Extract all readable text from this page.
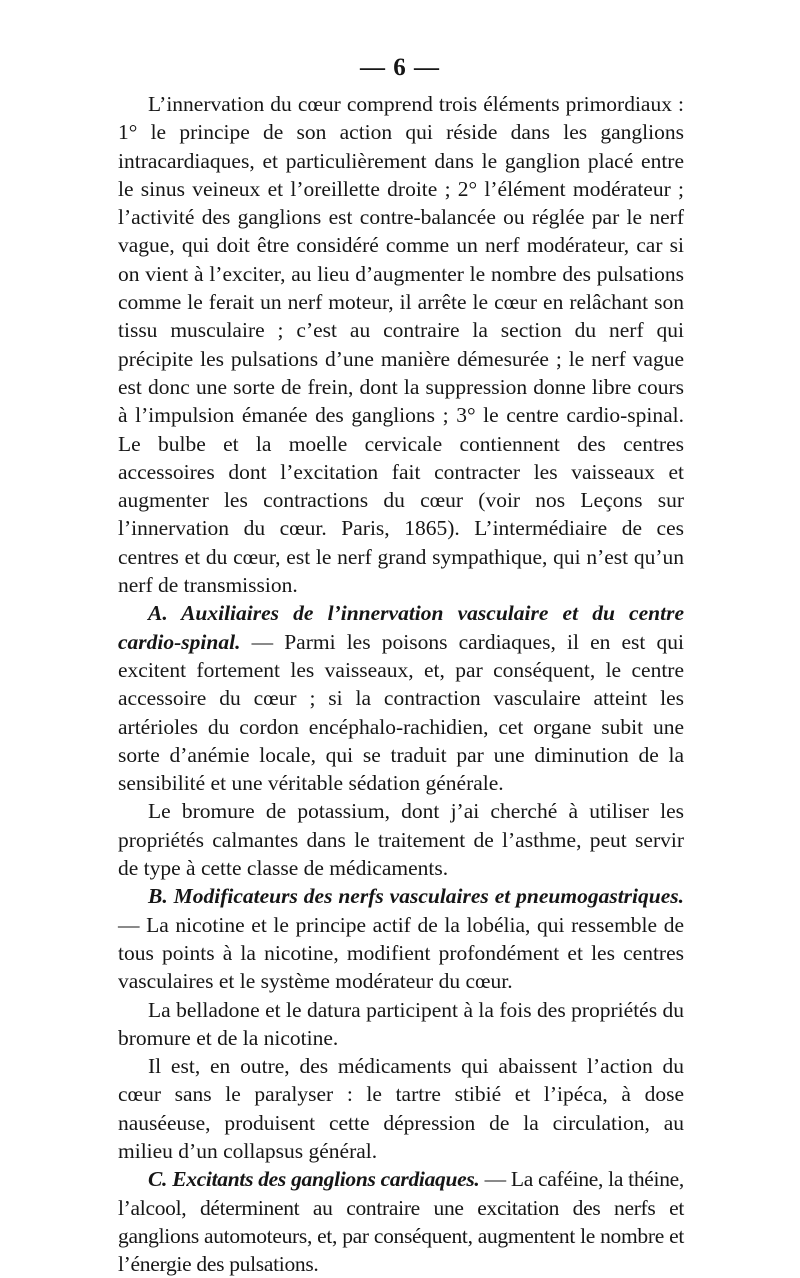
— 6 —

L’innervation du cœur comprend trois éléments primordiaux : 1° le principe de son action qui réside dans les ganglions intracardiaques, et particulièrement dans le ganglion placé entre le sinus veineux et l’oreillette droite ; 2° l’élément modérateur ; l’activité des ganglions est contre-balancée ou réglée par le nerf vague, qui doit être considéré comme un nerf modérateur, car si on vient à l’exciter, au lieu d’augmenter le nombre des pulsations comme le ferait un nerf moteur, il arrête le cœur en relâchant son tissu musculaire ; c’est au contraire la section du nerf qui précipite les pulsations d’une manière démesurée ; le nerf vague est donc une sorte de frein, dont la suppression donne libre cours à l’impulsion émanée des ganglions ; 3° le centre cardio-spinal. Le bulbe et la moelle cervicale contiennent des centres accessoires dont l’excitation fait contracter les vaisseaux et augmenter les contractions du cœur (voir nos Leçons sur l’innervation du cœur. Paris, 1865). L’intermédiaire de ces centres et du cœur, est le nerf grand sympathique, qui n’est qu’un nerf de transmission.

A. Auxiliaires de l’innervation vasculaire et du centre cardio-spinal. — Parmi les poisons cardiaques, il en est qui excitent fortement les vaisseaux, et, par conséquent, le centre accessoire du cœur ; si la contraction vasculaire atteint les artérioles du cordon encéphalo-rachidien, cet organe subit une sorte d’anémie locale, qui se traduit par une diminution de la sensibilité et une véritable sédation générale.

Le bromure de potassium, dont j’ai cherché à utiliser les propriétés calmantes dans le traitement de l’asthme, peut servir de type à cette classe de médicaments.

B. Modificateurs des nerfs vasculaires et pneumogastriques. — La nicotine et le principe actif de la lobélia, qui ressemble de tous points à la nicotine, modifient profondément et les centres vasculaires et le système modérateur du cœur.

La belladone et le datura participent à la fois des propriétés du bromure et de la nicotine.

Il est, en outre, des médicaments qui abaissent l’action du cœur sans le paralyser : le tartre stibié et l’ipéca, à dose nauséeuse, produisent cette dépression de la circulation, au milieu d’un collapsus général.

C. Excitants des ganglions cardiaques. — La caféine, la théine, l’alcool, déterminent au contraire une excitation des nerfs et ganglions automoteurs, et, par conséquent, augmentent le nombre et l’énergie des pulsations.
